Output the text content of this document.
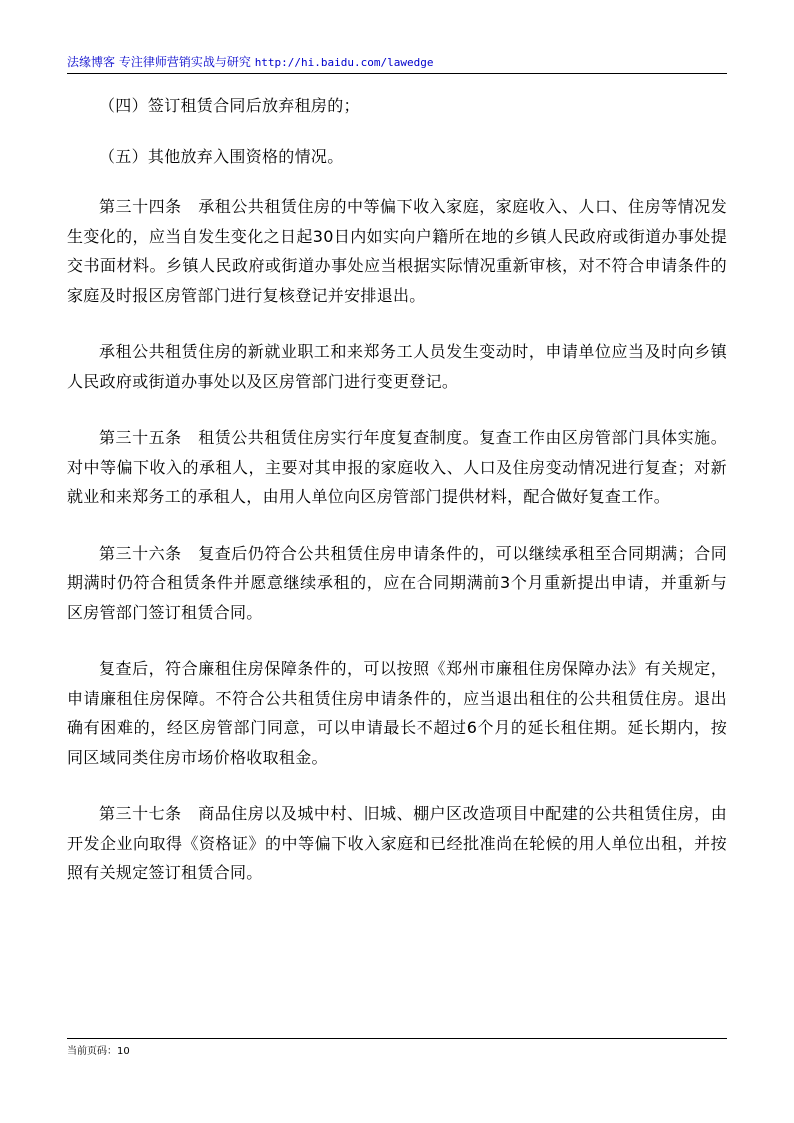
法缘博客 专注律师营销实战与研究 http://hi.baidu.com/lawedge

（四）签订租赁合同后放弃租房的；

（五）其他放弃入围资格的情况。

第三十四条　承租公共租赁住房的中等偏下收入家庭，家庭收入、人口、住房等情况发生变化的，应当自发生变化之日起30日内如实向户籍所在地的乡镇人民政府或街道办事处提交书面材料。乡镇人民政府或街道办事处应当根据实际情况重新审核，对不符合申请条件的家庭及时报区房管部门进行复核登记并安排退出。

承租公共租赁住房的新就业职工和来郑务工人员发生变动时，申请单位应当及时向乡镇人民政府或街道办事处以及区房管部门进行变更登记。

第三十五条　租赁公共租赁住房实行年度复查制度。复查工作由区房管部门具体实施。对中等偏下收入的承租人，主要对其申报的家庭收入、人口及住房变动情况进行复查；对新就业和来郑务工的承租人，由用人单位向区房管部门提供材料，配合做好复查工作。

第三十六条　复查后仍符合公共租赁住房申请条件的，可以继续承租至合同期满；合同期满时仍符合租赁条件并愿意继续承租的，应在合同期满前3个月重新提出申请，并重新与区房管部门签订租赁合同。

复查后，符合廉租住房保障条件的，可以按照《郑州市廉租住房保障办法》有关规定，申请廉租住房保障。不符合公共租赁住房申请条件的，应当退出租住的公共租赁住房。退出确有困难的，经区房管部门同意，可以申请最长不超过6个月的延长租住期。延长期内，按同区域同类住房市场价格收取租金。

第三十七条　商品住房以及城中村、旧城、棚户区改造项目中配建的公共租赁住房，由开发企业向取得《资格证》的中等偏下收入家庭和已经批准尚在轮候的用人单位出租，并按照有关规定签订租赁合同。

当前页码：10
